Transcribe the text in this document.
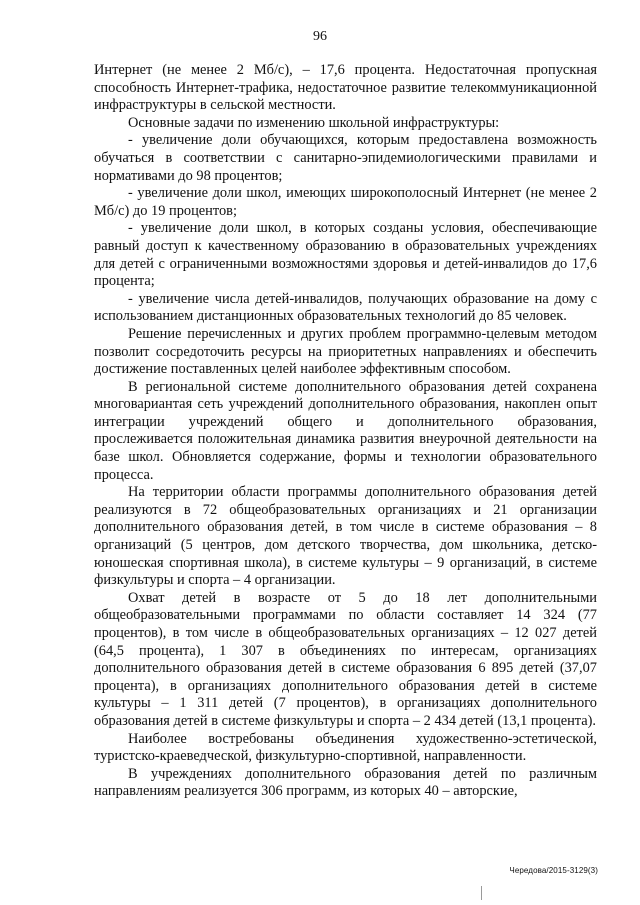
96

Интернет (не менее 2 Мб/с), – 17,6 процента. Недостаточная пропускная способность Интернет-трафика, недостаточное развитие телекоммуникационной инфраструктуры в сельской местности.

Основные задачи по изменению школьной инфраструктуры:

- увеличение доли обучающихся, которым предоставлена возможность обучаться в соответствии с санитарно-эпидемиологическими правилами и нормативами до 98 процентов;

- увеличение доли школ, имеющих широкополосный Интернет (не менее 2 Мб/с) до 19 процентов;

- увеличение доли школ, в которых созданы условия, обеспечивающие равный доступ к качественному образованию в образовательных учреждениях для детей с ограниченными возможностями здоровья и детей-инвалидов до 17,6 процента;

- увеличение числа детей-инвалидов, получающих образование на дому с использованием дистанционных образовательных технологий до 85 человек.

Решение перечисленных и других проблем программно-целевым методом позволит сосредоточить ресурсы на приоритетных направлениях и обеспечить достижение поставленных целей наиболее эффективным способом.

В региональной системе дополнительного образования детей сохранена многовариантая сеть учреждений дополнительного образования, накоплен опыт интеграции учреждений общего и дополнительного образования, прослеживается положительная динамика развития внеурочной деятельности на базе школ. Обновляется содержание, формы и технологии образовательного процесса.

На территории области программы дополнительного образования детей реализуются в 72 общеобразовательных организациях и 21 организации дополнительного образования детей, в том числе в системе образования – 8 организаций (5 центров, дом детского творчества, дом школьника, детско-юношеская спортивная школа), в системе культуры – 9 организаций, в системе физкультуры и спорта – 4 организации.

Охват детей в возрасте от 5 до 18 лет дополнительными общеобразовательными программами по области составляет 14 324 (77 процентов), в том числе в общеобразовательных организациях – 12 027 детей (64,5 процента), 1 307 в объединениях по интересам, организациях дополнительного образования детей в системе образования 6 895 детей (37,07 процента), в организациях дополнительного образования детей в системе культуры – 1 311 детей (7 процентов), в организациях дополнительного образования детей в системе физкультуры и спорта – 2 434 детей (13,1 процента).

Наиболее востребованы объединения художественно-эстетической, туристско-краеведческой, физкультурно-спортивной, направленности.

В учреждениях дополнительного образования детей по различным направлениям реализуется 306 программ, из которых 40 – авторские,

Чередова/2015-3129(3)
